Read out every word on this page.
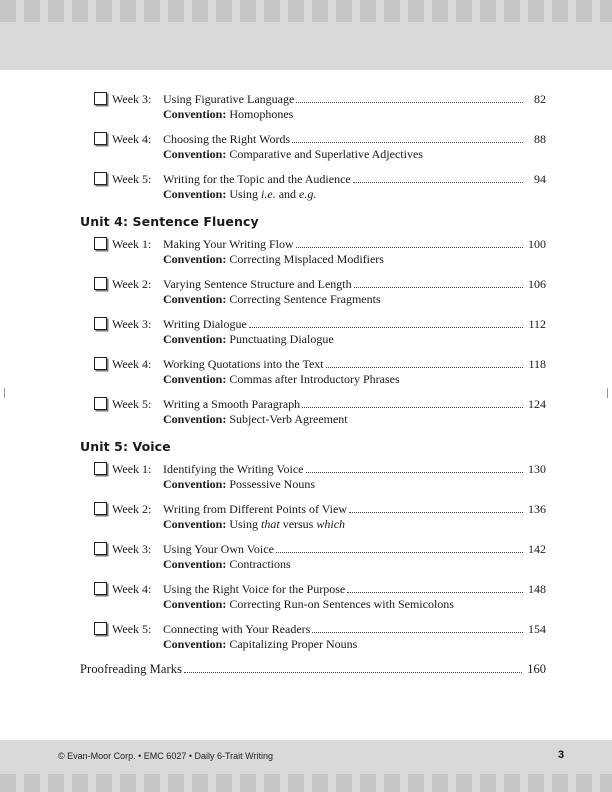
Week 3: Using Figurative Language	82
Convention: Homophones
Week 4: Choosing the Right Words	88
Convention: Comparative and Superlative Adjectives
Week 5: Writing for the Topic and the Audience	94
Convention: Using i.e. and e.g.
Unit 4: Sentence Fluency
Week 1: Making Your Writing Flow	100
Convention: Correcting Misplaced Modifiers
Week 2: Varying Sentence Structure and Length	106
Convention: Correcting Sentence Fragments
Week 3: Writing Dialogue	112
Convention: Punctuating Dialogue
Week 4: Working Quotations into the Text	118
Convention: Commas after Introductory Phrases
Week 5: Writing a Smooth Paragraph	124
Convention: Subject-Verb Agreement
Unit 5: Voice
Week 1: Identifying the Writing Voice	130
Convention: Possessive Nouns
Week 2: Writing from Different Points of View	136
Convention: Using that versus which
Week 3: Using Your Own Voice	142
Convention: Contractions
Week 4: Using the Right Voice for the Purpose	148
Convention: Correcting Run-on Sentences with Semicolons
Week 5: Connecting with Your Readers	154
Convention: Capitalizing Proper Nouns
Proofreading Marks	160
© Evan-Moor Corp. • EMC 6027 • Daily 6-Trait Writing	3
